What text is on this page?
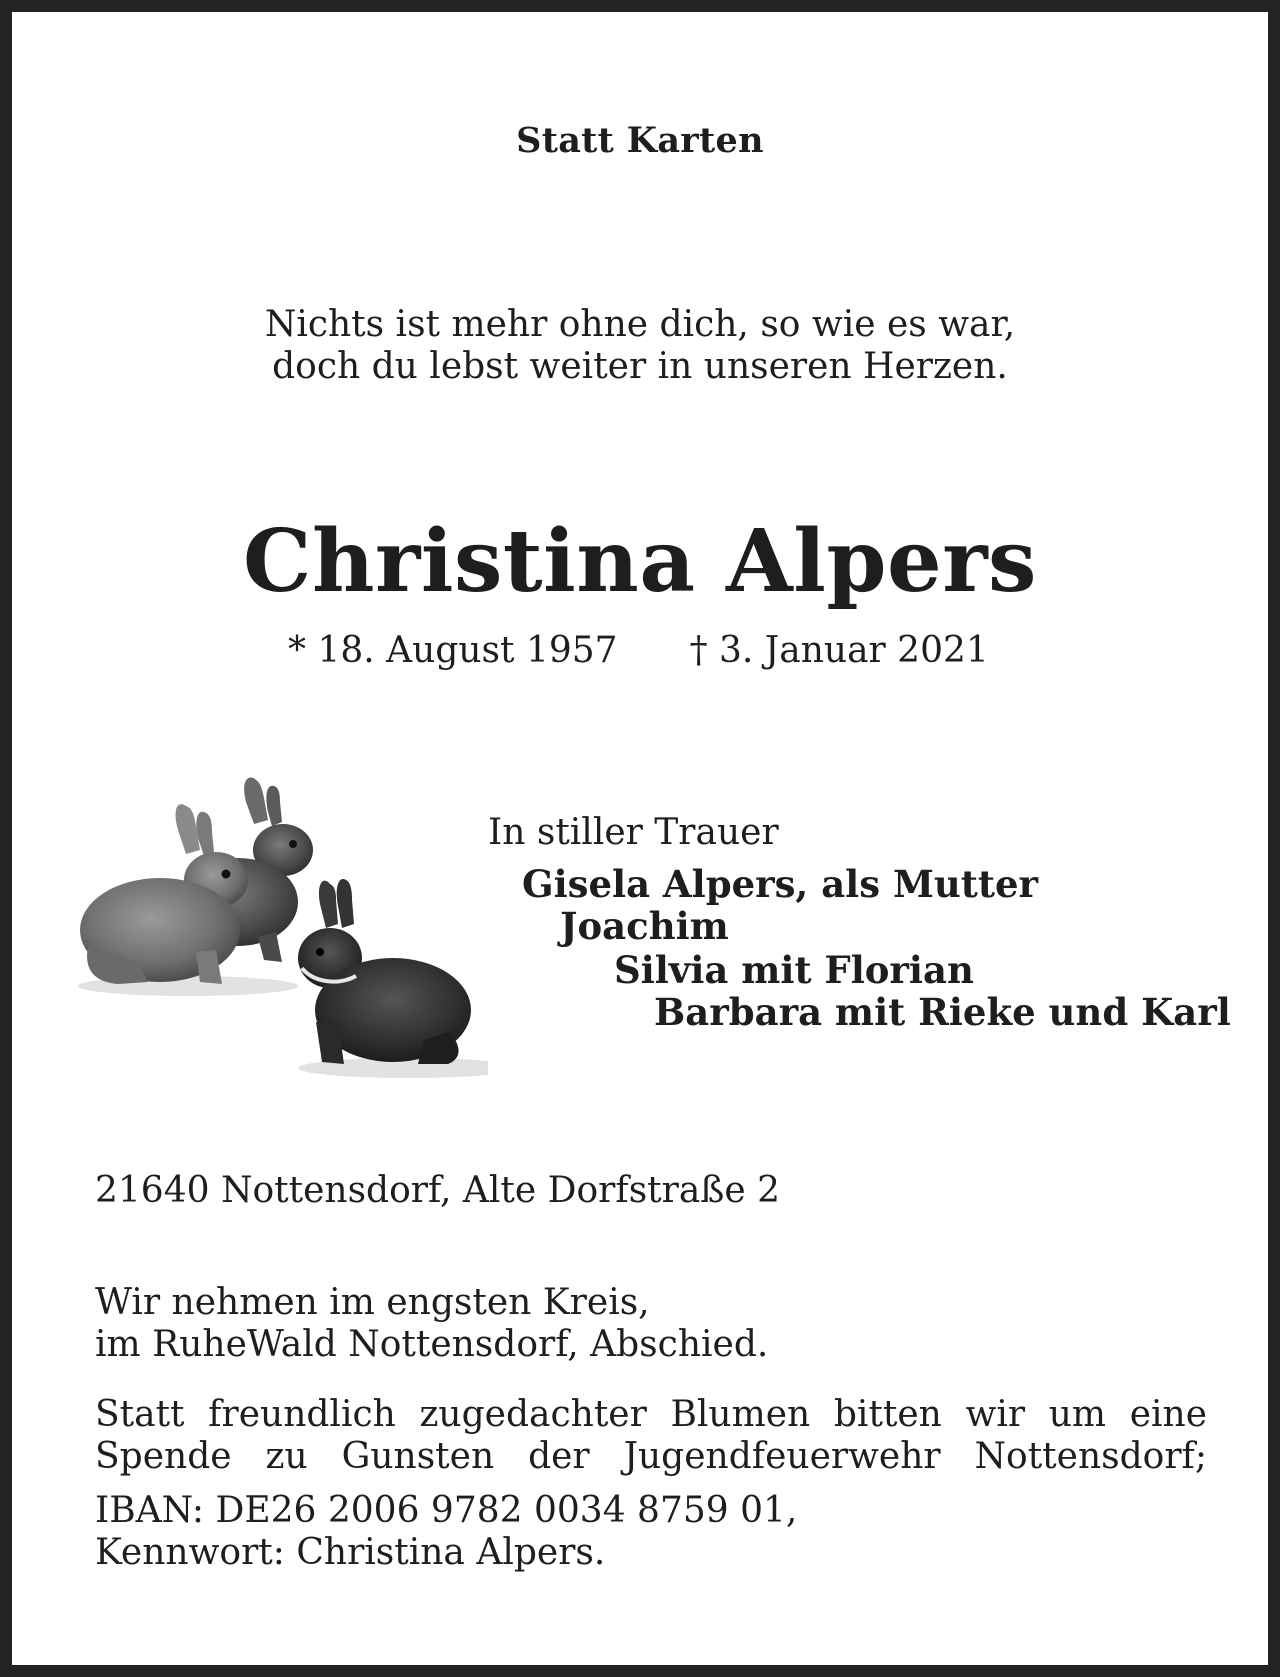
Statt Karten

Nichts ist mehr ohne dich, so wie es war,
doch du lebst weiter in unseren Herzen.

Christina Alpers

* 18. August 1957 † 3. Januar 2021

In stiller Trauer

Gisela Alpers, als Mutter

Joachim

Silvia mit Florian

Barbara mit Rieke und Karl

21640 Nottensdorf, Alte Dorfstraße 2

Wir nehmen im engsten Kreis,
im RuheWald Nottensdorf, Abschied.

Statt freundlich zugedachter Blumen bitten wir um eine
Spende zu Gunsten der Jugendfeuerwehr Nottensdorf;

IBAN: DE26 2006 9782 0034 8759 01,
Kennwort: Christina Alpers.
